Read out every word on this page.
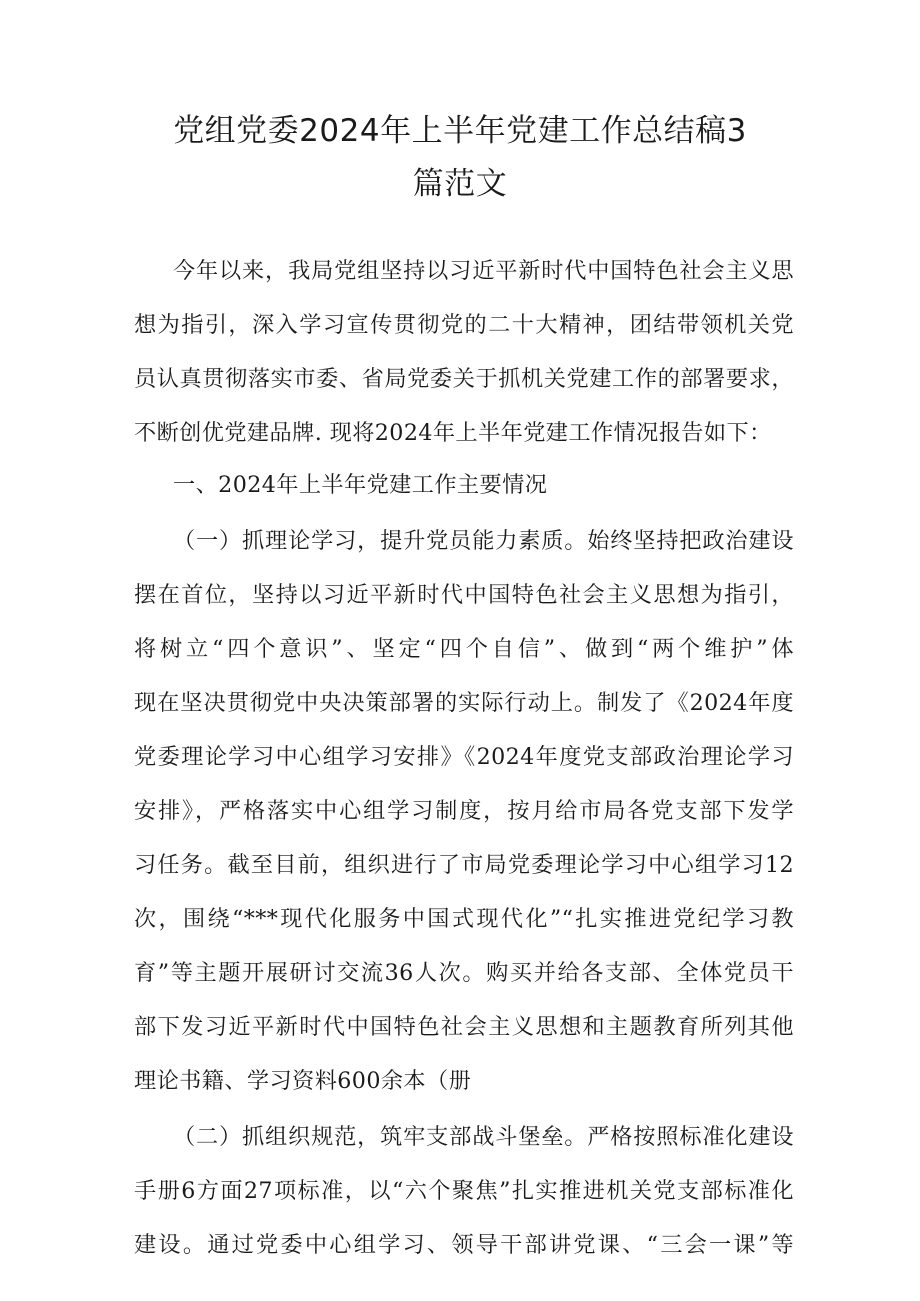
党组党委2024年上半年党建工作总结稿3
篇范文
今年以来，我局党组坚持以习近平新时代中国特色社会主义思
想为指引，深入学习宣传贯彻党的二十大精神，团结带领机关党
员认真贯彻落实市委、省局党委关于抓机关党建工作的部署要求，
不断创优党建品牌. 现将2024年上半年党建工作情况报告如下：
一、2024年上半年党建工作主要情况
（一）抓理论学习，提升党员能力素质。始终坚持把政治建设
摆在首位，坚持以习近平新时代中国特色社会主义思想为指引，
将树立“四个意识”、坚定“四个自信”、做到“两个维护”体
现在坚决贯彻党中央决策部署的实际行动上。制发了《2024年度
党委理论学习中心组学习安排》《2024年度党支部政治理论学习
安排》，严格落实中心组学习制度，按月给市局各党支部下发学
习任务。截至目前，组织进行了市局党委理论学习中心组学习12
次，围绕“***现代化服务中国式现代化”“扎实推进党纪学习教
育”等主题开展研讨交流36人次。购买并给各支部、全体党员干
部下发习近平新时代中国特色社会主义思想和主题教育所列其他
理论书籍、学习资料600余本（册
（二）抓组织规范，筑牢支部战斗堡垒。严格按照标准化建设
手册6方面27项标准，以“六个聚焦”扎实推进机关党支部标准化
建设。通过党委中心组学习、领导干部讲党课、“三会一课”等
